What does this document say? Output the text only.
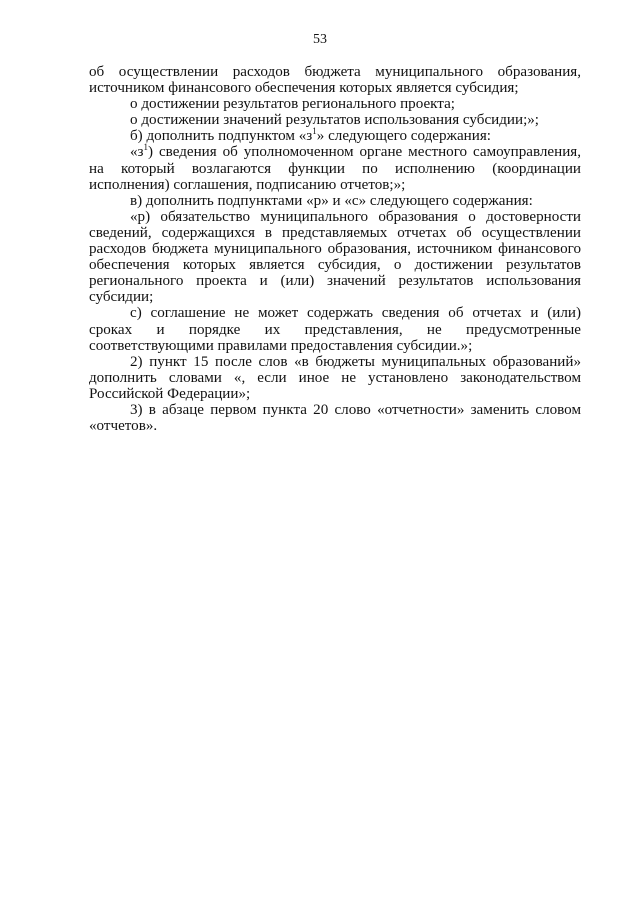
53

об осуществлении расходов бюджета муниципального образования, источником финансового обеспечения которых является субсидия;

о достижении результатов регионального проекта;

о достижении значений результатов использования субсидии;»;

б) дополнить подпунктом «$з^1$» следующего содержания:

«$з^1$) сведения об уполномоченном органе местного самоуправления, на который возлагаются функции по исполнению (координации исполнения) соглашения, подписанию отчетов;»;

в) дополнить подпунктами «р» и «с» следующего содержания:

«р) обязательство муниципального образования о достоверности сведений, содержащихся в представляемых отчетах об осуществлении расходов бюджета муниципального образования, источником финансового обеспечения которых является субсидия, о достижении результатов регионального проекта и (или) значений результатов использования субсидии;

с) соглашение не может содержать сведения об отчетах и (или) сроках и порядке их представления, не предусмотренные соответствующими правилами предоставления субсидии.»;

2) пункт 15 после слов «в бюджеты муниципальных образований» дополнить словами «, если иное не установлено законодательством Российской Федерации»;

3) в абзаце первом пункта 20 слово «отчетности» заменить словом «отчетов».
